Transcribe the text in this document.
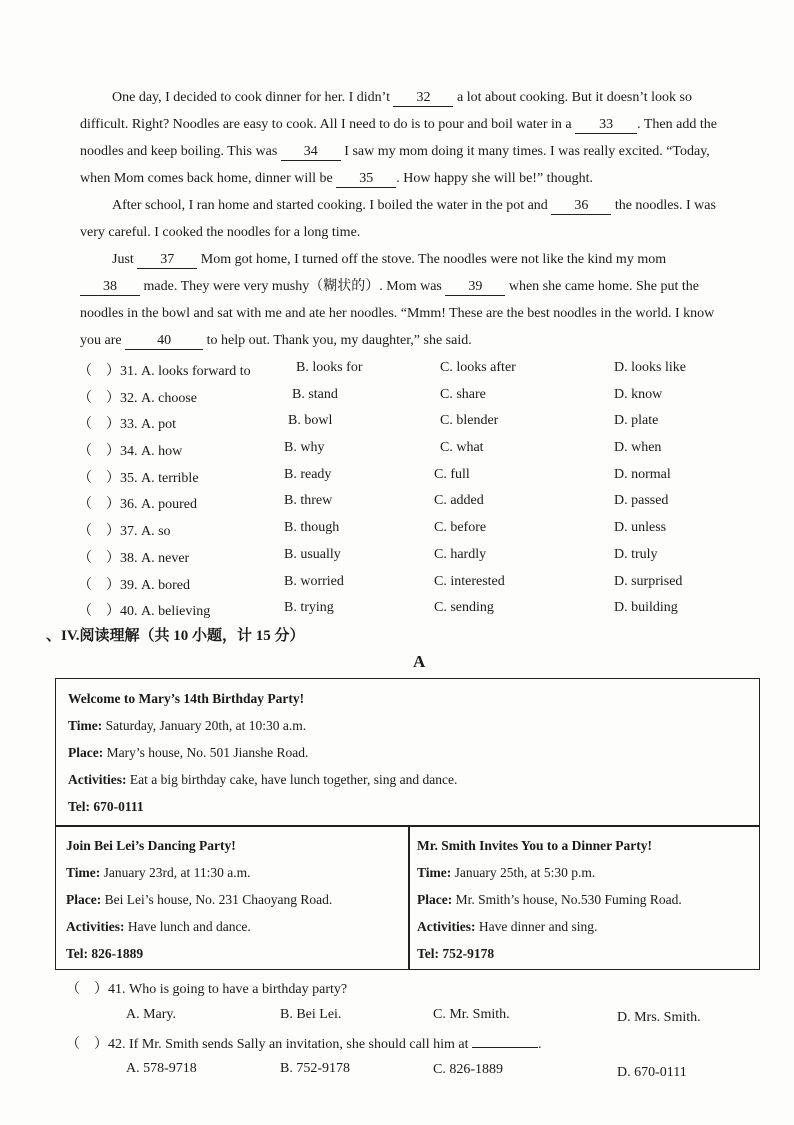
One day, I decided to cook dinner for her. I didn’t 32 a lot about cooking. But it doesn’t look so
difficult. Right? Noodles are easy to cook. All I need to do is to pour and boil water in a 33 . Then add the
noodles and keep boiling. This was 34 I saw my mom doing it many times. I was really excited. “Today,
when Mom comes back home, dinner will be 35 . How happy she will be!” thought.
After school, I ran home and started cooking. I boiled the water in the pot and 36 the noodles. I was
very careful. I cooked the noodles for a long time.
Just 37 Mom got home, I turned off the stove. The noodles were not like the kind my mom
38 made. They were very mushy（糊状的）. Mom was 39 when she came home. She put the
noodles in the bowl and sat with me and ate her noodles. “Mmm! These are the best noodles in the world. I know
you are	40	to help out. Thank you, my daughter,” she said.
（　）31. A. looks forward to	B. looks for	C. looks after	D. looks like
（　）32. A. choose	B. stand	C. share	D. know
（　）33. A. pot	B. bowl	C. blender	D. plate
（　）34. A. how	B. why	C. what	D. when
（　）35. A. terrible	B. ready	C. full	D. normal
（　）36. A. poured	B. threw	C. added	D. passed
（　）37. A. so	B. though	C. before	D. unless
（　）38. A. never	B. usually	C. hardly	D. truly
（　）39. A. bored	B. worried	C. interested	D. surprised
（　）40. A. believing	B. trying	C. sending	D. building
、IV.阅读理解（共 10 小题，计 15 分）
A
Welcome to Mary’s 14th Birthday Party!
Time: Saturday, January 20th, at 10:30 a.m.
Place: Mary’s house, No. 501 Jianshe Road.
Activities: Eat a big birthday cake, have lunch together, sing and dance.
Tel: 670-0111
Join Bei Lei’s Dancing Party!
Time: January 23rd, at 11:30 a.m.
Place: Bei Lei’s house, No. 231 Chaoyang Road.
Activities: Have lunch and dance.
Tel: 826-1889
Mr. Smith Invites You to a Dinner Party!
Time: January 25th, at 5:30 p.m.
Place: Mr. Smith’s house, No.530 Fuming Road.
Activities: Have dinner and sing.
Tel: 752-9178
（　）41. Who is going to have a birthday party?
A. Mary.	B. Bei Lei.	C. Mr. Smith.	D. Mrs. Smith.
（　）42. If Mr. Smith sends Sally an invitation, she should call him at	.
A. 578-9718	B. 752-9178	C. 826-1889	D. 670-0111
